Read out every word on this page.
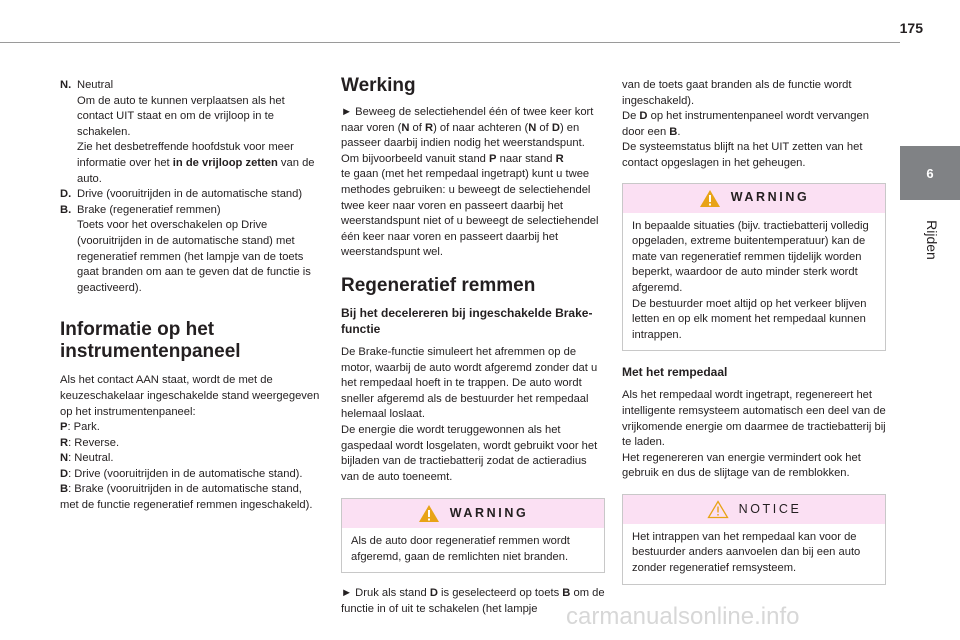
175
6
Rijden
N. Neutral

Om de auto te kunnen verplaatsen als het contact UIT staat en om de vrijloop in te schakelen.

Zie het desbetreffende hoofdstuk voor meer informatie over het in de vrijloop zetten van de auto.

D. Drive (vooruitrijden in de automatische stand)

B. Brake (regeneratief remmen)

Toets voor het overschakelen op Drive (vooruitrijden in de automatische stand) met regeneratief remmen (het lampje van de toets gaat branden om aan te geven dat de functie is geactiveerd).

Informatie op het instrumentenpaneel

Als het contact AAN staat, wordt de met de keuzeschakelaar ingeschakelde stand weergegeven op het instrumentenpaneel:

P: Park.

R: Reverse.

N: Neutral.

D: Drive (vooruitrijden in de automatische stand).

B: Brake (vooruitrijden in de automatische stand, met de functie regeneratief remmen ingeschakeld).

Werking

► Beweeg de selectiehendel één of twee keer kort naar voren (N of R) of naar achteren (N of D) en passeer daarbij indien nodig het weerstandspunt.

Om bijvoorbeeld vanuit stand P naar stand R
te gaan (met het rempedaal ingetrapt) kunt u twee methodes gebruiken: u beweegt de selectiehendel twee keer naar voren en passeert daarbij het weerstandspunt niet of u beweegt de selectiehendel één keer naar voren en passeert daarbij het weerstandspunt wel.

Regeneratief remmen
Bij het decelereren bij ingeschakelde Brake-functie

De Brake-functie simuleert het afremmen op de motor, waarbij de auto wordt afgeremd zonder dat u het rempedaal hoeft in te trappen. De auto wordt sneller afgeremd als de bestuurder het rempedaal helemaal loslaat.
De energie die wordt teruggewonnen als het gaspedaal wordt losgelaten, wordt gebruikt voor het bijladen van de tractiebatterij zodat de actieradius van de auto toeneemt.

WARNING
Als de auto door regeneratief remmen wordt afgeremd, gaan de remlichten niet branden.

► Druk als stand D is geselecteerd op toets B om de functie in of uit te schakelen (het lampje

van de toets gaat branden als de functie wordt ingeschakeld).

De D op het instrumentenpaneel wordt vervangen door een B.

De systeemstatus blijft na het UIT zetten van het contact opgeslagen in het geheugen.

WARNING
In bepaalde situaties (bijv. tractiebatterij volledig opgeladen, extreme buitentemperatuur) kan de mate van regeneratief remmen tijdelijk worden beperkt, waardoor de auto minder sterk wordt afgeremd.
De bestuurder moet altijd op het verkeer blijven letten en op elk moment het rempedaal kunnen intrappen.
Met het rempedaal

Als het rempedaal wordt ingetrapt, regenereert het intelligente remsysteem automatisch een deel van de vrijkomende energie om daarmee de tractiebatterij bij te laden.
Het regenereren van energie vermindert ook het gebruik en dus de slijtage van de remblokken.

NOTICE
Het intrappen van het rempedaal kan voor de bestuurder anders aanvoelen dan bij een auto zonder regeneratief remsysteem.
carmanualsonline.info
